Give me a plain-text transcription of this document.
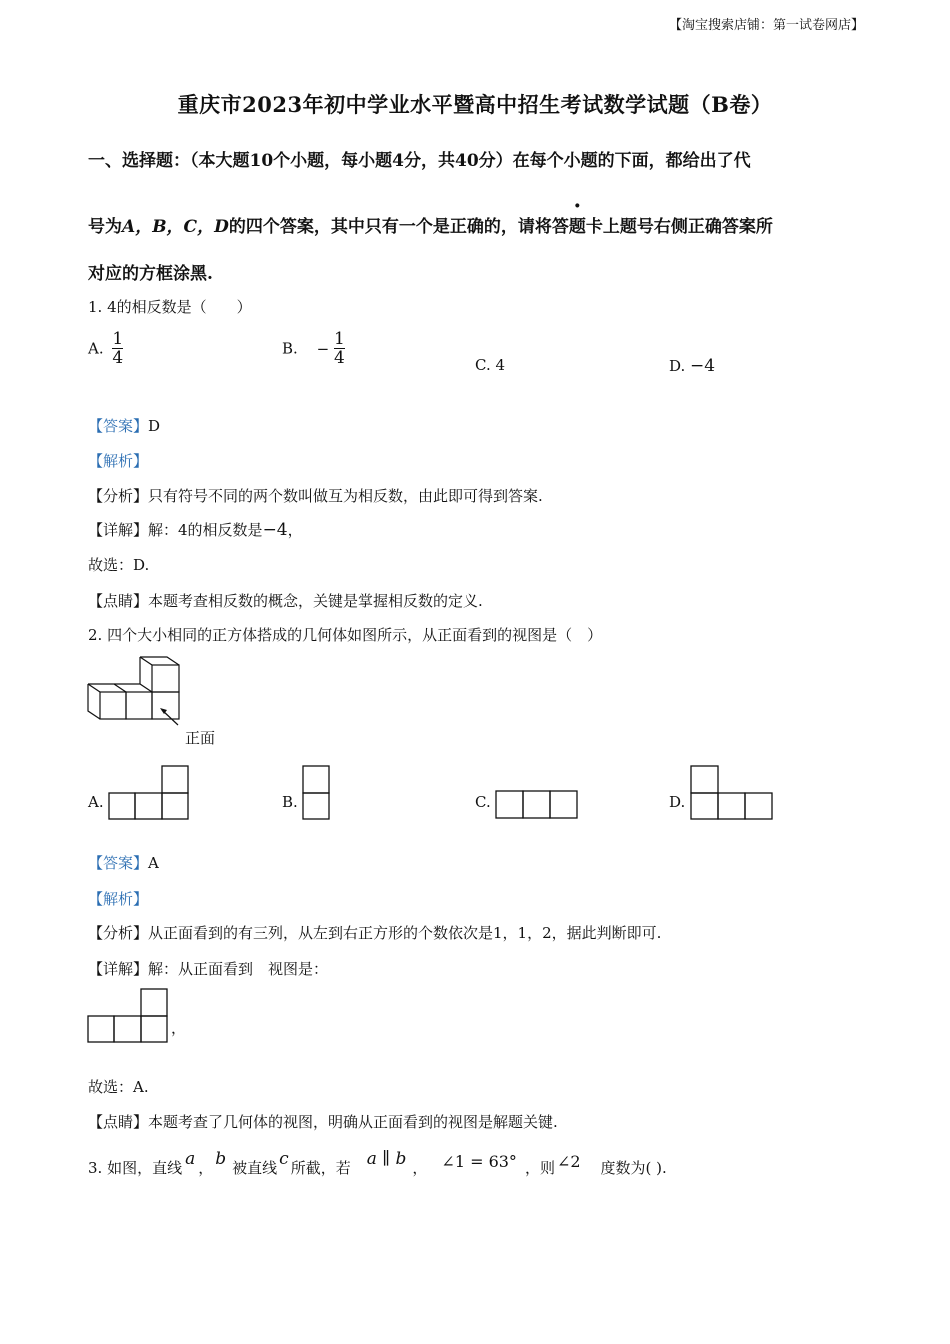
【淘宝搜索店铺：第一试卷网店】
重庆市2023年初中学业水平暨高中招生考试数学试题（B卷）
一、选择题：（本大题10个小题，每小题4分，共40分）在每个小题的下面，都给出了代
号为A，B，C，D的四个答案，其中只有一个是正确的，请将答题卡上题号右侧正确答案所
对应的方框涂黑.
1. 4的相反数是（　　）
A. $\frac{1}{4}$	B. − $\frac{1}{4}$	C. 4	D. −4
【答案】D
【解析】
【分析】只有符号不同的两个数叫做互为相反数，由此即可得到答案.
【详解】解：4的相反数是−4，
故选：D.
【点睛】本题考查相反数的概念，关键是掌握相反数的定义.
2. 四个大小相同的正方体搭成的几何体如图所示，从正面看到的视图是（　）
正面
A.	B.	C.	D.
【答案】A
【解析】
【分析】从正面看到的有三列，从左到右正方形的个数依次是1，1，2，据此判断即可.
【详解】解：从正面看到　视图是：
，
故选：A.
【点睛】本题考查了几何体的视图，明确从正面看到的视图是解题关键.
3. 如图，直线 a ， b 被直线 c 所截，若 a ∥ b ， ∠1 = 63° ，则 ∠2 度数为( ).
